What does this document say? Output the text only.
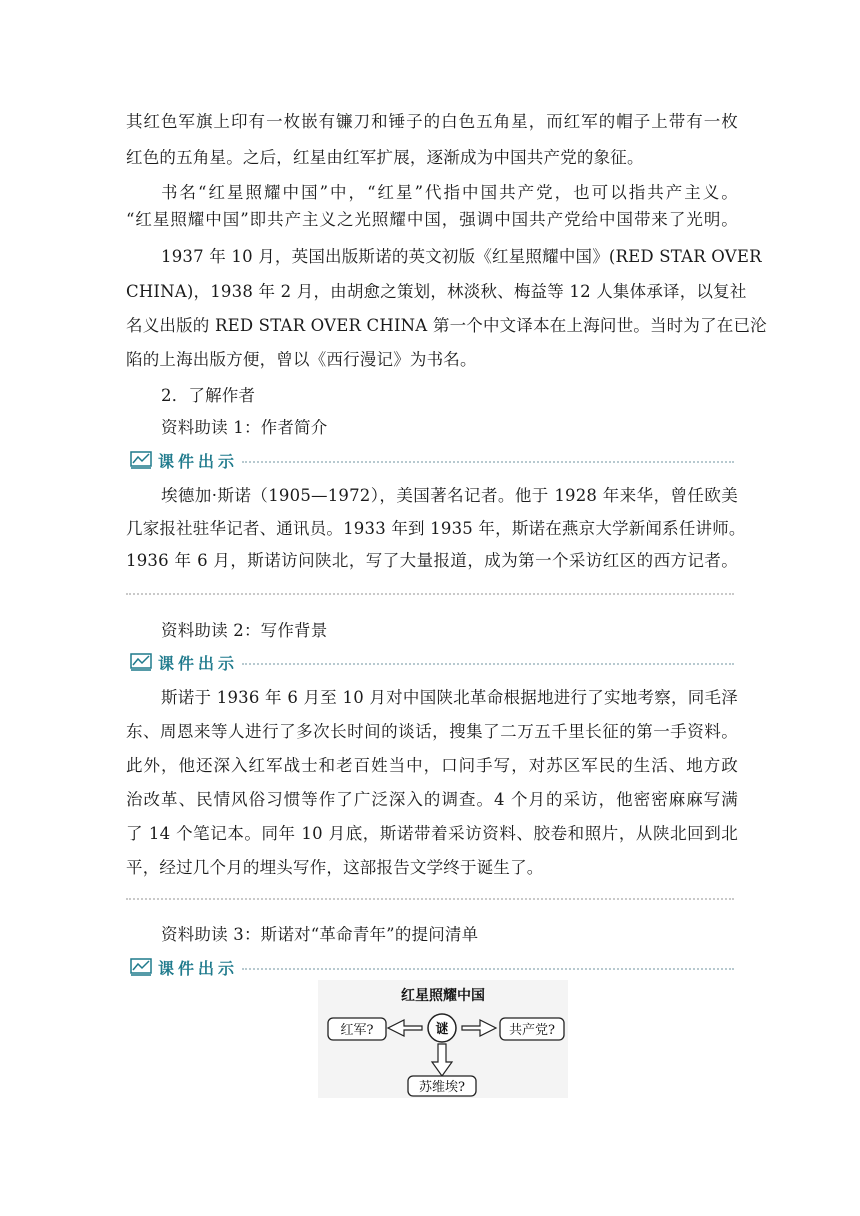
其红色军旗上印有一枚嵌有镰刀和锤子的白色五角星，而红军的帽子上带有一枚
红色的五角星。之后，红星由红军扩展，逐渐成为中国共产党的象征。
书名“红星照耀中国”中，“红星”代指中国共产党，也可以指共产主义。
“红星照耀中国”即共产主义之光照耀中国，强调中国共产党给中国带来了光明。
1937 年 10 月，英国出版斯诺的英文初版《红星照耀中国》(RED STAR OVER
CHINA)，1938 年 2 月，由胡愈之策划，林淡秋、梅益等 12 人集体承译，以复社
名义出版的 RED STAR OVER CHINA 第一个中文译本在上海问世。当时为了在已沦
陷的上海出版方便，曾以《西行漫记》为书名。
2．了解作者
资料助读 1：作者简介
课件出示
埃德加·斯诺（1905—1972），美国著名记者。他于 1928 年来华，曾任欧美
几家报社驻华记者、通讯员。1933 年到 1935 年，斯诺在燕京大学新闻系任讲师。
1936 年 6 月，斯诺访问陕北，写了大量报道，成为第一个采访红区的西方记者。
资料助读 2：写作背景
课件出示
斯诺于 1936 年 6 月至 10 月对中国陕北革命根据地进行了实地考察，同毛泽
东、周恩来等人进行了多次长时间的谈话，搜集了二万五千里长征的第一手资料。
此外，他还深入红军战士和老百姓当中，口问手写，对苏区军民的生活、地方政
治改革、民情风俗习惯等作了广泛深入的调查。4 个月的采访，他密密麻麻写满
了 14 个笔记本。同年 10 月底，斯诺带着采访资料、胶卷和照片，从陕北回到北
平，经过几个月的埋头写作，这部报告文学终于诞生了。
资料助读 3：斯诺对“革命青年”的提问清单
课件出示
红星照耀中国
谜
红军?	共产党?
苏维埃?
